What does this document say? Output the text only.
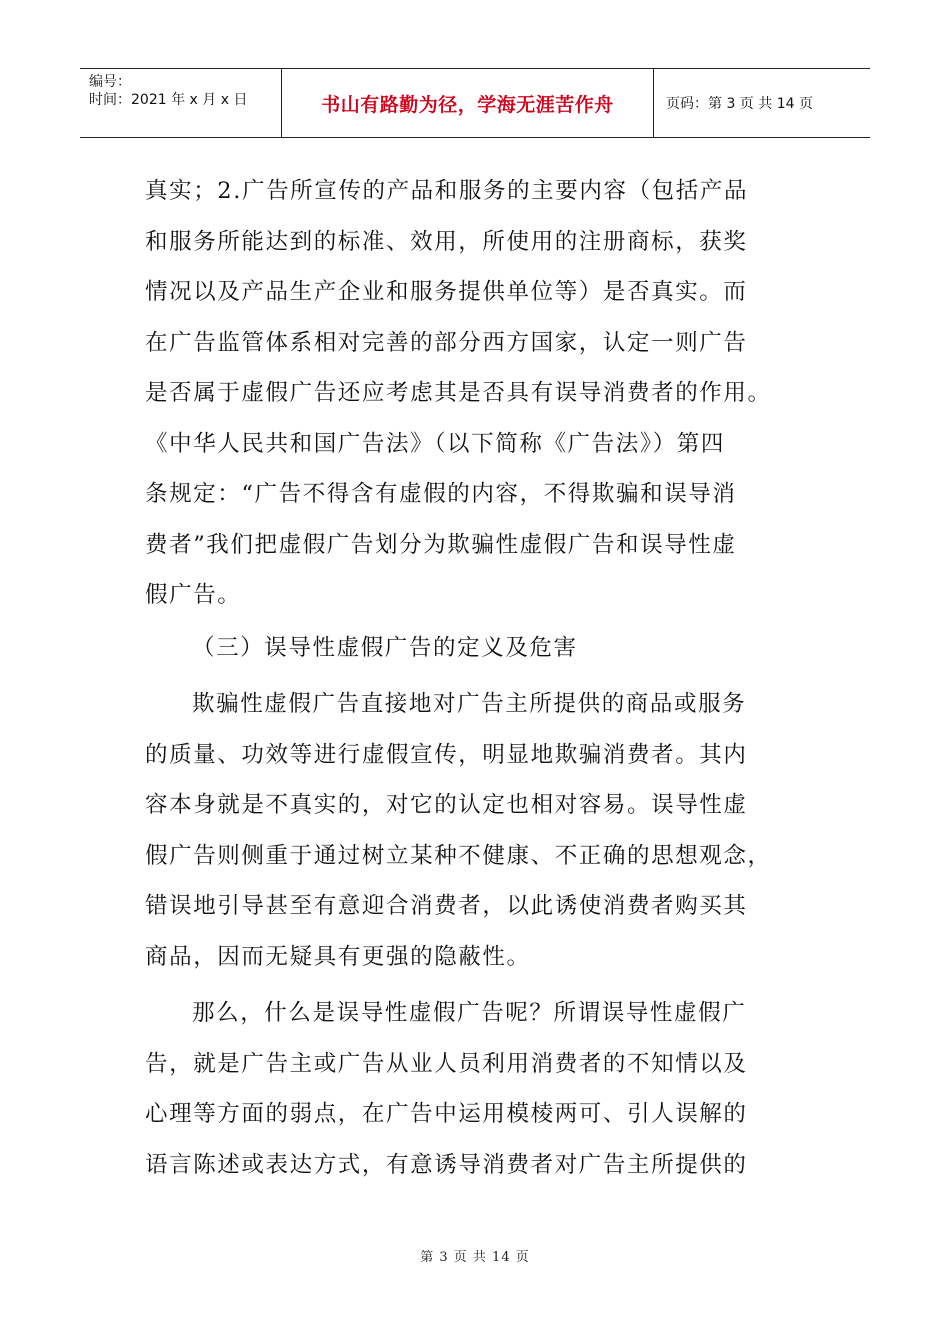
编号：
时间：2021 年 x 月 x 日	书山有路勤为径，学海无涯苦作舟	页码：第 3 页 共 14 页

真实；2.广告所宣传的产品和服务的主要内容（包括产品
和服务所能达到的标准、效用，所使用的注册商标，获奖
情况以及产品生产企业和服务提供单位等）是否真实。而
在广告监管体系相对完善的部分西方国家，认定一则广告
是否属于虚假广告还应考虑其是否具有误导消费者的作用。
《中华人民共和国广告法》（以下简称《广告法》）第四
条规定：“广告不得含有虚假的内容，不得欺骗和误导消
费者”我们把虚假广告划分为欺骗性虚假广告和误导性虚
假广告。

（三）误导性虚假广告的定义及危害

欺骗性虚假广告直接地对广告主所提供的商品或服务
的质量、功效等进行虚假宣传，明显地欺骗消费者。其内
容本身就是不真实的，对它的认定也相对容易。误导性虚
假广告则侧重于通过树立某种不健康、不正确的思想观念，
错误地引导甚至有意迎合消费者，以此诱使消费者购买其
商品，因而无疑具有更强的隐蔽性。

那么，什么是误导性虚假广告呢？所谓误导性虚假广
告，就是广告主或广告从业人员利用消费者的不知情以及
心理等方面的弱点，在广告中运用模棱两可、引人误解的
语言陈述或表达方式，有意诱导消费者对广告主所提供的

第 3 页 共 14 页
